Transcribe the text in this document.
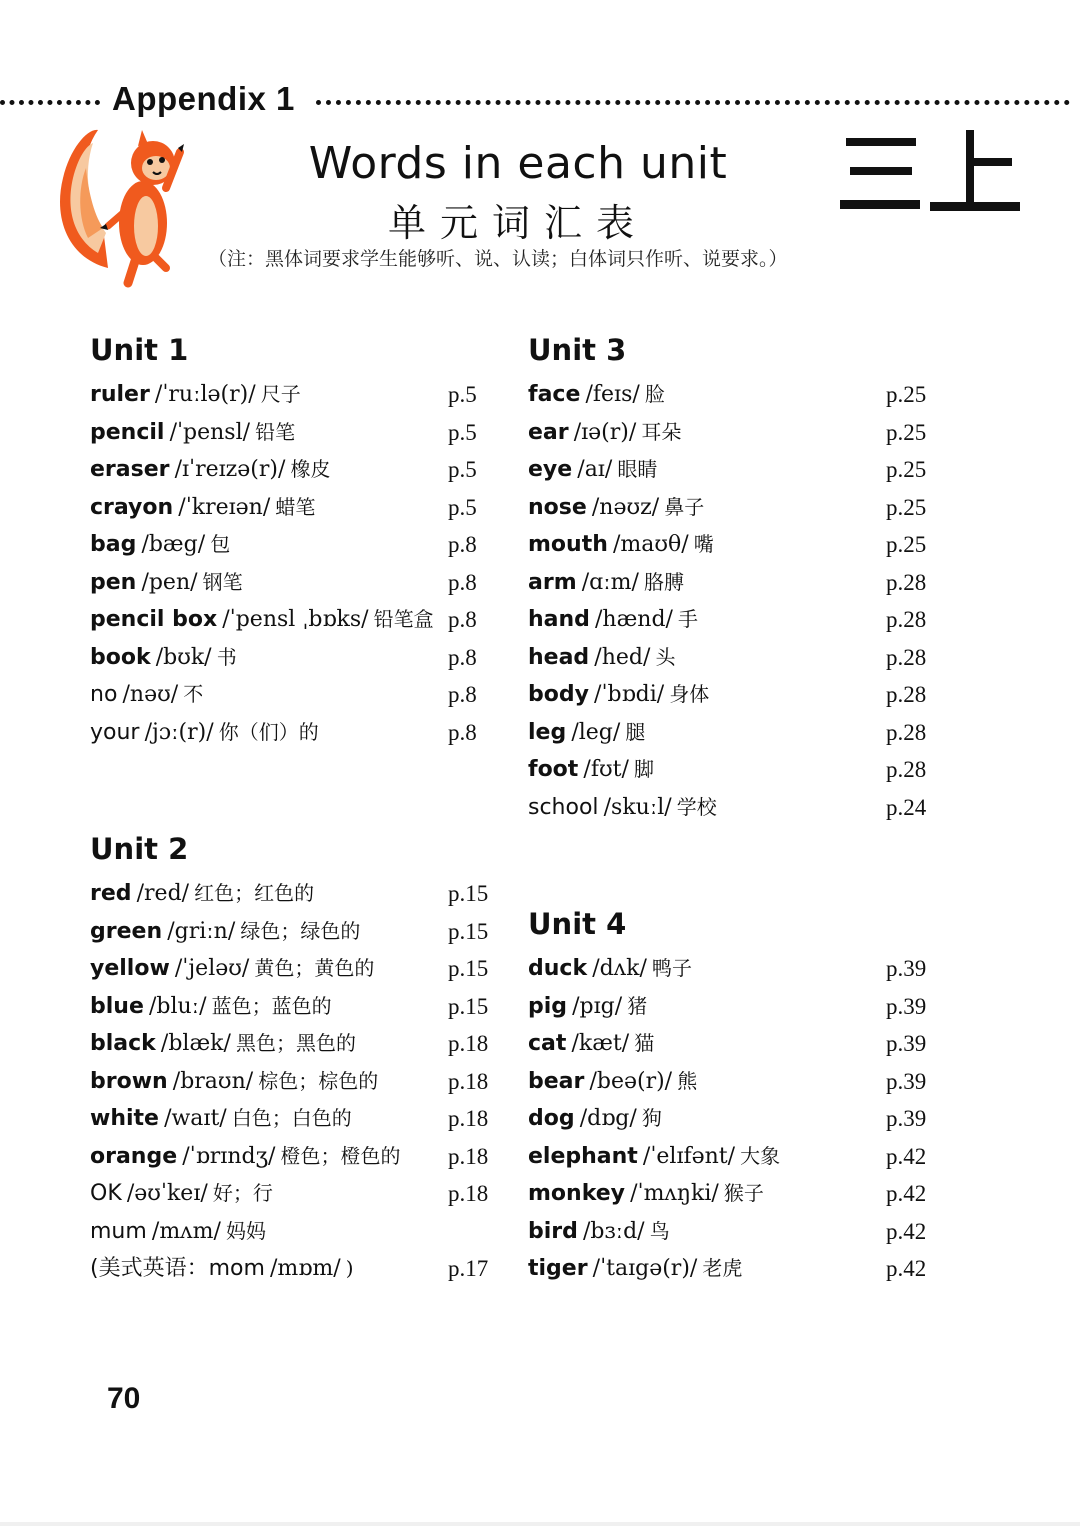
Appendix 1
Words in each unit
单元词汇表
（注：黑体词要求学生能够听、说、认读；白体词只作听、说要求。）
Unit 1
ruler /ˈruːlə(r)/ 尺子	p.5
pencil /ˈpensl/ 铅笔	p.5
eraser /ɪˈreɪzə(r)/ 橡皮	p.5
crayon /ˈkreɪən/ 蜡笔	p.5
bag /bæg/ 包	p.8
pen /pen/ 钢笔	p.8
pencil box /ˈpensl ˌbɒks/ 铅笔盒 p.8
book /bʊk/ 书	p.8
no /nəʊ/ 不	p.8
your /jɔː(r)/ 你（们）的	p.8
Unit 2
red /red/ 红色；红色的	p.15
green /griːn/ 绿色；绿色的	p.15
yellow /ˈjeləʊ/ 黄色；黄色的	p.15
blue /bluː/ 蓝色；蓝色的	p.15
black /blæk/ 黑色；黑色的	p.18
brown /braʊn/ 棕色；棕色的	p.18
white /waɪt/ 白色；白色的	p.18
orange /ˈɒrɪndʒ/ 橙色；橙色的 p.18
OK /əʊˈkeɪ/ 好；行	p.18
mum /mʌm/ 妈妈
(美式英语：mom /mɒm/ )	p.17
Unit 3
face /feɪs/ 脸	p.25
ear /ɪə(r)/ 耳朵	p.25
eye /aɪ/ 眼睛	p.25
nose /nəʊz/ 鼻子	p.25
mouth /maʊθ/ 嘴	p.25
arm /ɑːm/ 胳膊	p.28
hand /hænd/ 手	p.28
head /hed/ 头	p.28
body /ˈbɒdi/ 身体	p.28
leg /leg/ 腿	p.28
foot /fʊt/ 脚	p.28
school /skuːl/ 学校	p.24
Unit 4
duck /dʌk/ 鸭子	p.39
pig /pɪg/ 猪	p.39
cat /kæt/ 猫	p.39
bear /beə(r)/ 熊	p.39
dog /dɒg/ 狗	p.39
elephant /ˈelɪfənt/ 大象	p.42
monkey /ˈmʌŋki/ 猴子	p.42
bird /bɜːd/ 鸟	p.42
tiger /ˈtaɪgə(r)/ 老虎	p.42
70
